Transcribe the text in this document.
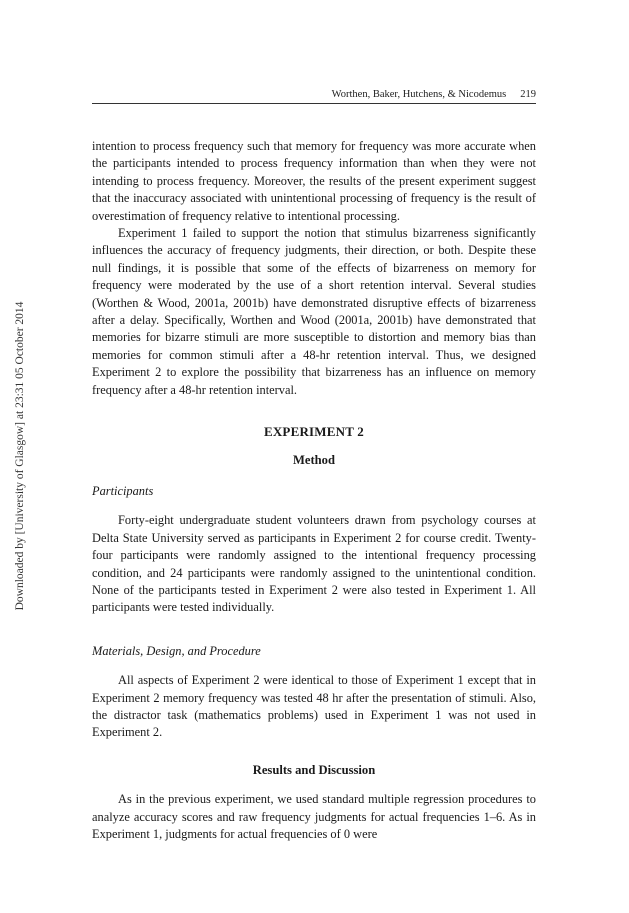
Downloaded by [University of Glasgow] at 23:31 05 October 2014
Worthen, Baker, Hutchens, & Nicodemus 219

intention to process frequency such that memory for frequency was more accurate when the participants intended to process frequency information than when they were not intending to process frequency. Moreover, the results of the present experiment suggest that the inaccuracy associated with unintentional processing of frequency is the result of overestimation of frequency relative to intentional processing.

Experiment 1 failed to support the notion that stimulus bizarreness significantly influences the accuracy of frequency judgments, their direction, or both. Despite these null findings, it is possible that some of the effects of bizarreness on memory for frequency were moderated by the use of a short retention interval. Several studies (Worthen & Wood, 2001a, 2001b) have demonstrated disruptive effects of bizarreness after a delay. Specifically, Worthen and Wood (2001a, 2001b) have demonstrated that memories for bizarre stimuli are more susceptible to distortion and memory bias than memories for common stimuli after a 48-hr retention interval. Thus, we designed Experiment 2 to explore the possibility that bizarreness has an influence on memory frequency after a 48-hr retention interval.

EXPERIMENT 2
Method

Participants

Forty-eight undergraduate student volunteers drawn from psychology courses at Delta State University served as participants in Experiment 2 for course credit. Twenty-four participants were randomly assigned to the intentional frequency processing condition, and 24 participants were randomly assigned to the unintentional condition. None of the participants tested in Experiment 2 were also tested in Experiment 1. All participants were tested individually.

Materials, Design, and Procedure

All aspects of Experiment 2 were identical to those of Experiment 1 except that in Experiment 2 memory frequency was tested 48 hr after the presentation of stimuli. Also, the distractor task (mathematics problems) used in Experiment 1 was not used in Experiment 2.

Results and Discussion

As in the previous experiment, we used standard multiple regression procedures to analyze accuracy scores and raw frequency judgments for actual frequencies 1–6. As in Experiment 1, judgments for actual frequencies of 0 were
